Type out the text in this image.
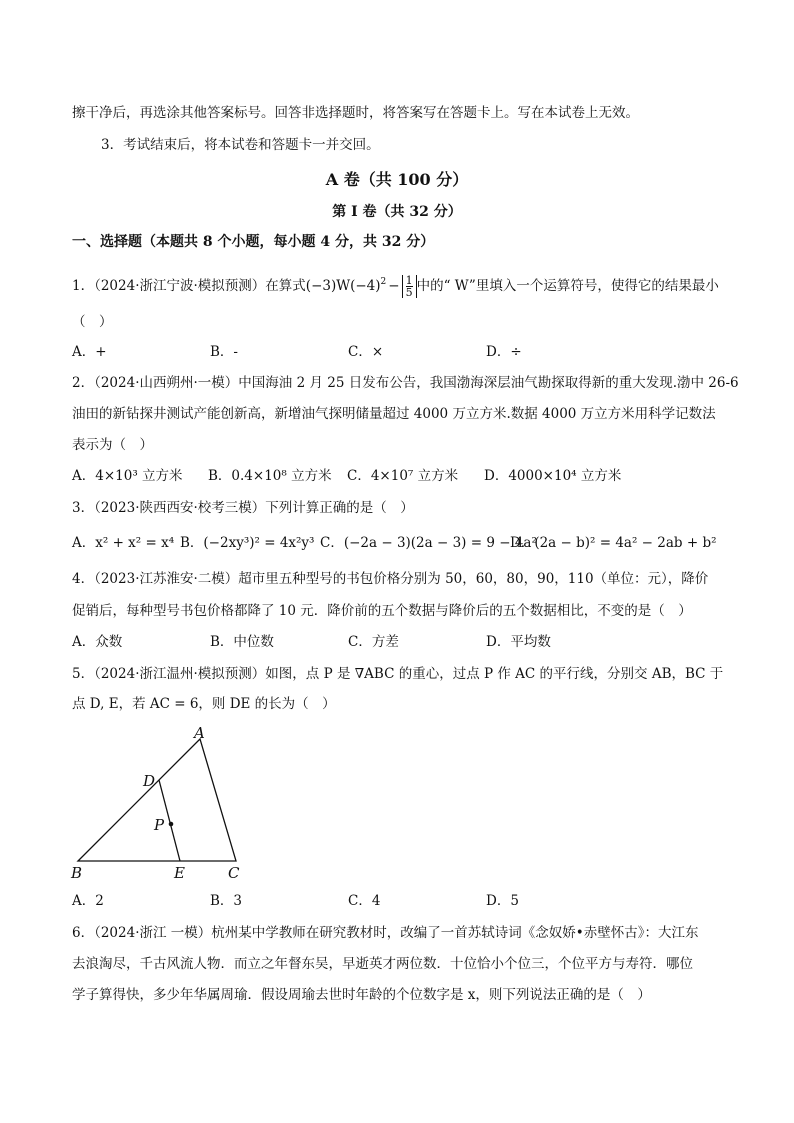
擦干净后，再选涂其他答案标号。回答非选择题时，将答案写在答题卡上。写在本试卷上无效。
3．考试结束后，将本试卷和答题卡一并交回。
A 卷（共 100 分）
第 I 卷（共 32 分）
一、选择题（本题共 8 个小题，每小题 4 分，共 32 分）
1．（2024·浙江宁波·模拟预测）在算式$(-3)W(-4)^2 - \frac{1}{5}$ 中的“ W”里填入一个运算符号，使得它的结果最小
（　）
A．+	B．-	C．×	D．÷
2．（2024·山西朔州·一模）中国海油 2 月 25 日发布公告，我国渤海深层油气勘探取得新的重大发现.渤中 26-6
油田的新钻探井测试产能创新高，新增油气探明储量超过 4000 万立方米.数据 4000 万立方米用科学记数法
表示为（　）
A．4×10³ 立方米 B．0.4×10⁸ 立方米 C．4×10⁷ 立方米 D．4000×10⁴ 立方米
3．（2023·陕西西安·校考三模）下列计算正确的是（　）
A．x² + x² = x⁴ B．(−2xy³)² = 4x²y³ C．(−2a − 3)(2a − 3) = 9 − 4a²
D．(2a − b)² = 4a² − 2ab + b²
4．（2023·江苏淮安·二模）超市里五种型号的书包价格分别为 50，60，80，90，110（单位：元），降价
促销后，每种型号书包价格都降了 10 元．降价前的五个数据与降价后的五个数据相比，不变的是（　）
A．众数	B．中位数	C．方差	D．平均数
5．（2024·浙江温州·模拟预测）如图，点 P 是 ∇ABC 的重心，过点 P 作 AC 的平行线，分别交 AB，BC 于
点 D, E，若 AC = 6，则 DE 的长为（　）
A
B	C
D
E
P
A．2	B．3	C．4	D．5
6．（2024·浙江 一模）杭州某中学教师在研究教材时，改编了一首苏轼诗词《念奴娇•赤壁怀古》：大江东
去浪淘尽，千古风流人物．而立之年督东吴，早逝英才两位数．十位恰小个位三，个位平方与寿符．哪位
学子算得快，多少年华属周瑜．假设周瑜去世时年龄的个位数字是 x，则下列说法正确的是（　）
